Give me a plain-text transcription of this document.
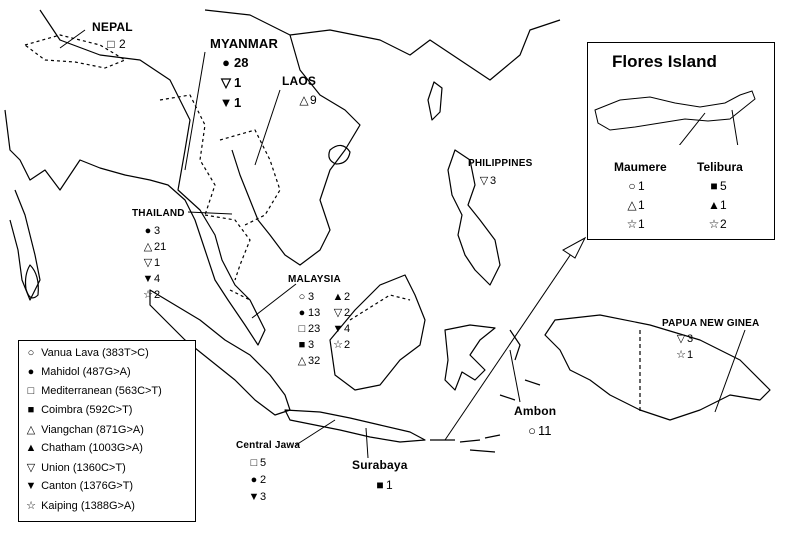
NEPAL
□ 2	MYANMAR
● 28
▽ 1
▼ 1
LAOS
△9
THAILAND
● 3
△ 21
▽ 1
▼4
☆2
PHILIPPINES
▽ 3
MALAYSIA
○ 3
● 13
□ 23
■ 3
△ 32
▲2
▽ 2
▼4
☆2
PAPUA NEW GINEA
▽ 3
☆1
Central Jawa
□ 5
● 2
▼3
Surabaya
■ 1
Ambon
○ 11
Flores Island
Maumere	Telibura
○ 1
△1
☆1
■ 5
▲1
☆2
○ Vanua Lava (383T>C)
● Mahidol (487G>A)
□ Mediterranean (563C>T)
■ Coimbra (592C>T)
△ Viangchan (871G>A)
▲ Chatham (1003G>A)
▽ Union (1360C>T)
▼ Canton (1376G>T)
☆ Kaiping (1388G>A)
